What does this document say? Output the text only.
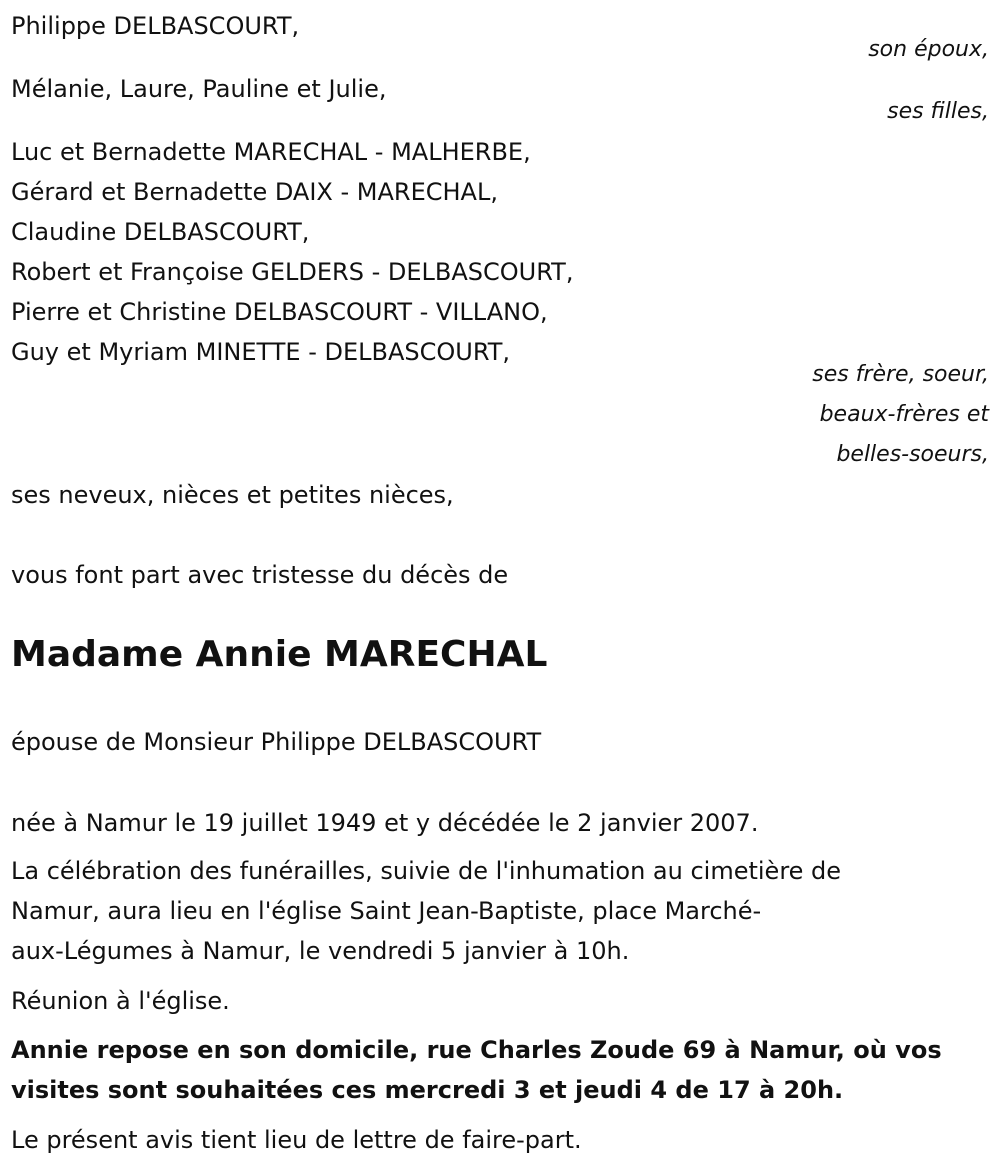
Philippe DELBASCOURT,

son époux,

Mélanie, Laure, Pauline et Julie,

ses filles,

Luc et Bernadette MARECHAL - MALHERBE,

Gérard et Bernadette DAIX - MARECHAL,

Claudine DELBASCOURT,

Robert et Françoise GELDERS - DELBASCOURT,

Pierre et Christine DELBASCOURT - VILLANO,

Guy et Myriam MINETTE - DELBASCOURT,

ses frère, soeur,

beaux-frères et

belles-soeurs,

ses neveux, nièces et petites nièces,

vous font part avec tristesse du décès de

Madame Annie MARECHAL

épouse de Monsieur Philippe DELBASCOURT

née à Namur le 19 juillet 1949 et y décédée le 2 janvier 2007.

La célébration des funérailles, suivie de l'inhumation au cimetière de

Namur, aura lieu en l'église Saint Jean-Baptiste, place Marché-

aux-Légumes à Namur, le vendredi 5 janvier à 10h.

Réunion à l'église.

Annie repose en son domicile, rue Charles Zoude 69 à Namur, où vos

visites sont souhaitées ces mercredi 3 et jeudi 4 de 17 à 20h.

Le présent avis tient lieu de lettre de faire-part.
